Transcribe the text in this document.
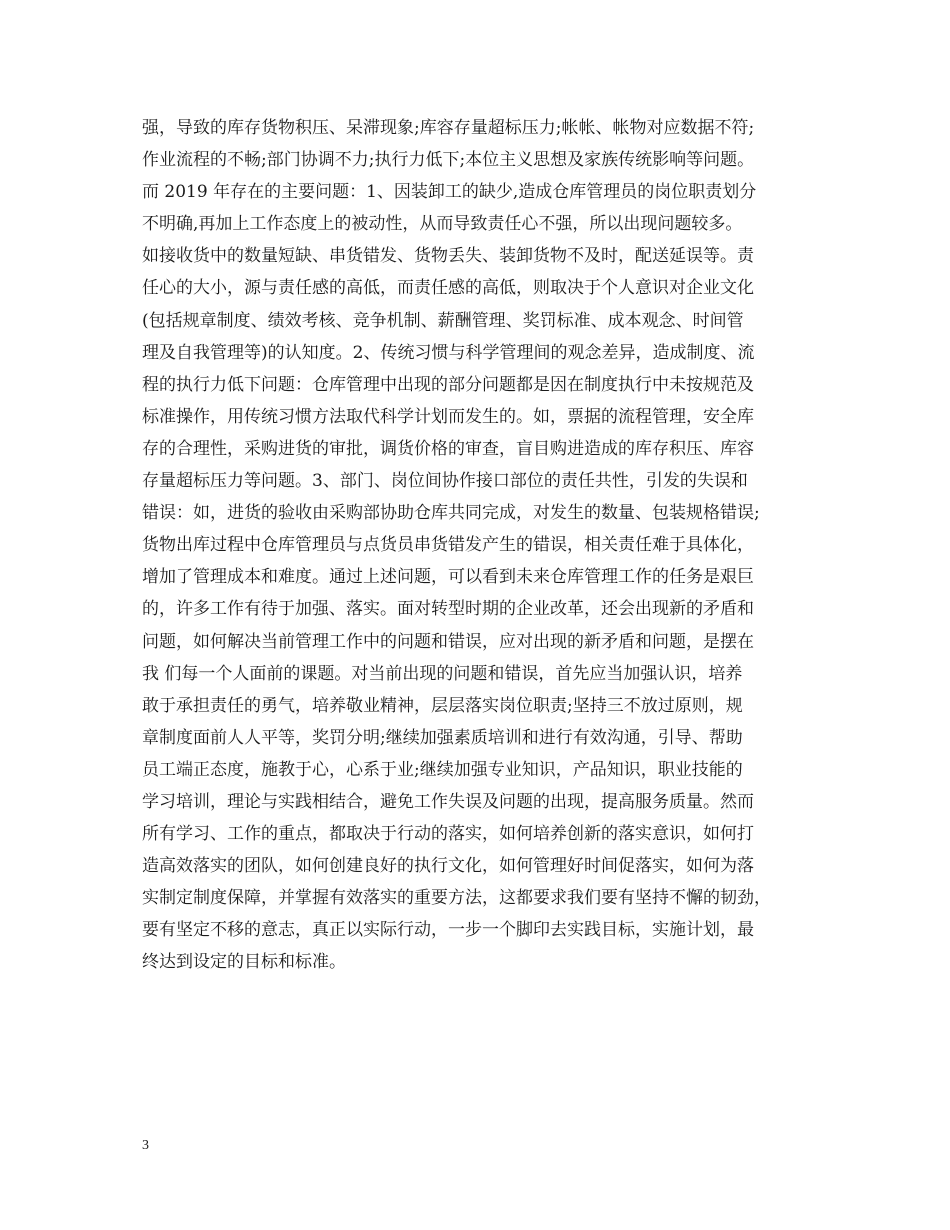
强，导致的库存货物积压、呆滞现象;库容存量超标压力;帐帐、帐物对应数据不符;
作业流程的不畅;部门协调不力;执行力低下;本位主义思想及家族传统影响等问题。
而 2019 年存在的主要问题：1、因装卸工的缺少,造成仓库管理员的岗位职责划分
不明确,再加上工作态度上的被动性，从而导致责任心不强，所以出现问题较多。
如接收货中的数量短缺、串货错发、货物丢失、装卸货物不及时，配送延误等。责
任心的大小，源与责任感的高低，而责任感的高低，则取决于个人意识对企业文化
(包括规章制度、绩效考核、竞争机制、薪酬管理、奖罚标准、成本观念、时间管
理及自我管理等)的认知度。2、传统习惯与科学管理间的观念差异，造成制度、流
程的执行力低下问题：仓库管理中出现的部分问题都是因在制度执行中未按规范及
标准操作，用传统习惯方法取代科学计划而发生的。如，票据的流程管理，安全库
存的合理性，采购进货的审批，调货价格的审查，盲目购进造成的库存积压、库容
存量超标压力等问题。3、部门、岗位间协作接口部位的责任共性，引发的失误和
错误：如，进货的验收由采购部协助仓库共同完成，对发生的数量、包装规格错误;
货物出库过程中仓库管理员与点货员串货错发产生的错误，相关责任难于具体化，
增加了管理成本和难度。通过上述问题，可以看到未来仓库管理工作的任务是艰巨
的，许多工作有待于加强、落实。面对转型时期的企业改革，还会出现新的矛盾和
问题，如何解决当前管理工作中的问题和错误，应对出现的新矛盾和问题，是摆在
我 们每一个人面前的课题。对当前出现的问题和错误，首先应当加强认识，培养
敢于承担责任的勇气，培养敬业精神，层层落实岗位职责;坚持三不放过原则，规
章制度面前人人平等，奖罚分明;继续加强素质培训和进行有效沟通，引导、帮助
员工端正态度，施教于心，心系于业;继续加强专业知识，产品知识，职业技能的
学习培训，理论与实践相结合，避免工作失误及问题的出现，提高服务质量。然而
所有学习、工作的重点，都取决于行动的落实，如何培养创新的落实意识，如何打
造高效落实的团队，如何创建良好的执行文化，如何管理好时间促落实，如何为落
实制定制度保障，并掌握有效落实的重要方法，这都要求我们要有坚持不懈的韧劲，
要有坚定不移的意志，真正以实际行动，一步一个脚印去实践目标，实施计划，最
终达到设定的目标和标准。
3
